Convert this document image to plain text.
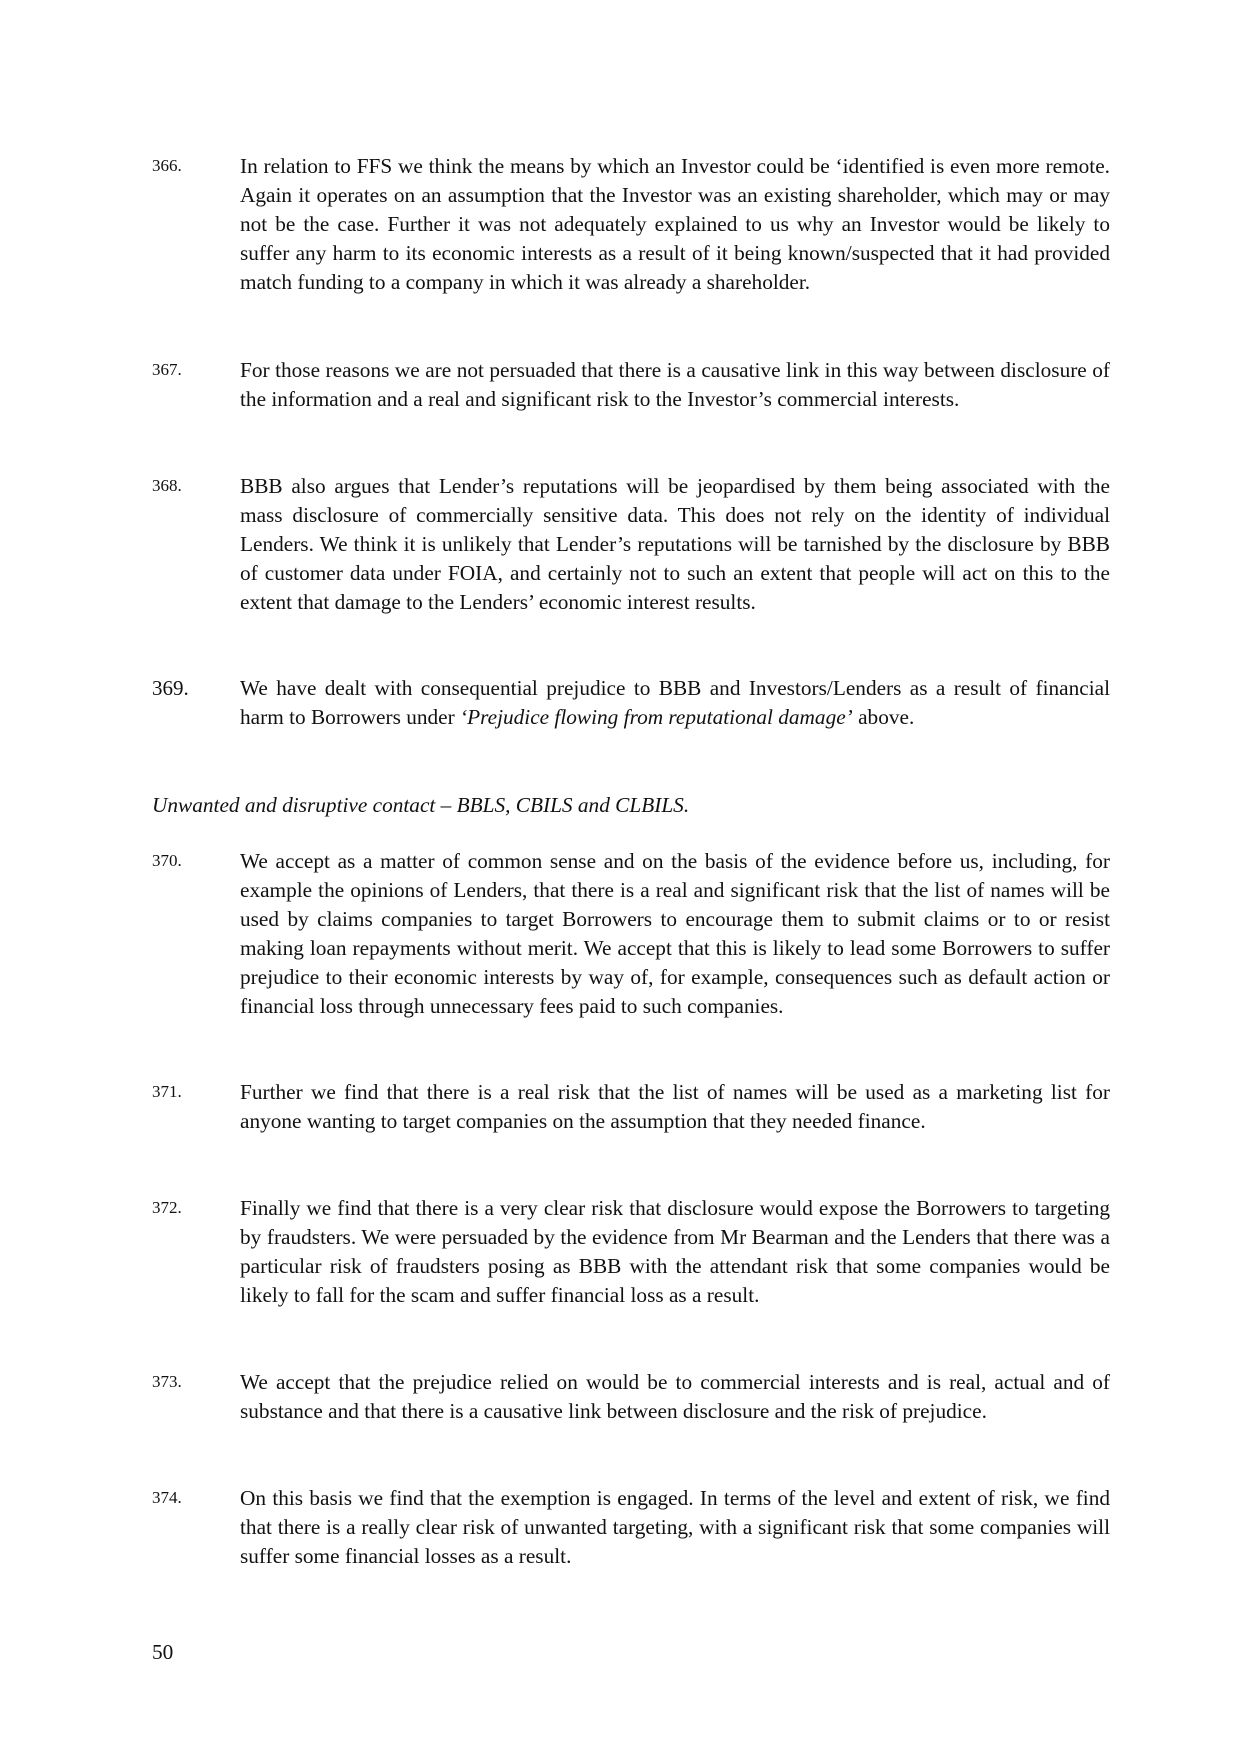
366.	In relation to FFS we think the means by which an Investor could be ‘identified is even more remote. Again it operates on an assumption that the Investor was an existing shareholder, which may or may not be the case. Further it was not adequately explained to us why an Investor would be likely to suffer any harm to its economic interests as a result of it being known/suspected that it had provided match funding to a company in which it was already a shareholder.
367.	For those reasons we are not persuaded that there is a causative link in this way between disclosure of the information and a real and significant risk to the Investor’s commercial interests.
368.	BBB also argues that Lender’s reputations will be jeopardised by them being associated with the mass disclosure of commercially sensitive data. This does not rely on the identity of individual Lenders. We think it is unlikely that Lender’s reputations will be tarnished by the disclosure by BBB of customer data under FOIA, and certainly not to such an extent that people will act on this to the extent that damage to the Lenders’ economic interest results.
369. We have dealt with consequential prejudice to BBB and Investors/Lenders as a result of financial harm to Borrowers under ‘Prejudice flowing from reputational damage’ above.
Unwanted and disruptive contact – BBLS, CBILS and CLBILS.
370.	We accept as a matter of common sense and on the basis of the evidence before us, including, for example the opinions of Lenders, that there is a real and significant risk that the list of names will be used by claims companies to target Borrowers to encourage them to submit claims or to or resist making loan repayments without merit. We accept that this is likely to lead some Borrowers to suffer prejudice to their economic interests by way of, for example, consequences such as default action or financial loss through unnecessary fees paid to such companies.
371.	Further we find that there is a real risk that the list of names will be used as a marketing list for anyone wanting to target companies on the assumption that they needed finance.
372.	Finally we find that there is a very clear risk that disclosure would expose the Borrowers to targeting by fraudsters. We were persuaded by the evidence from Mr Bearman and the Lenders that there was a particular risk of fraudsters posing as BBB with the attendant risk that some companies would be likely to fall for the scam and suffer financial loss as a result.
373.	We accept that the prejudice relied on would be to commercial interests and is real, actual and of substance and that there is a causative link between disclosure and the risk of prejudice.
374.	On this basis we find that the exemption is engaged. In terms of the level and extent of risk, we find that there is a really clear risk of unwanted targeting, with a significant risk that some companies will suffer some financial losses as a result.
50
